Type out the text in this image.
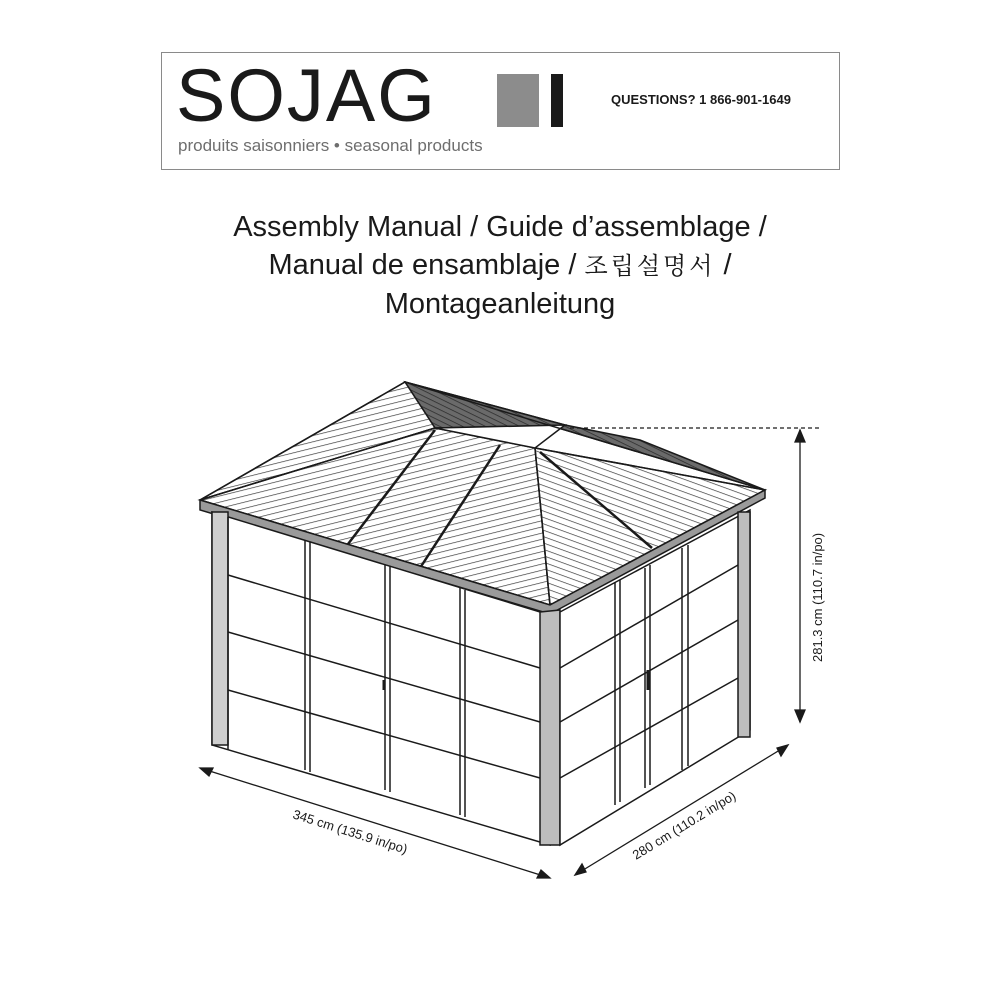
SOJAG
produits saisonniers • seasonal products
QUESTIONS? 1 866-901-1649
Assembly Manual / Guide d’assemblage /
Manual de ensamblaje / 조립설명서 /
Montageanleitung
345 cm (135.9 in/po)	280 cm (110.2 in/po)
281.3 cm (110.7 in/po)
